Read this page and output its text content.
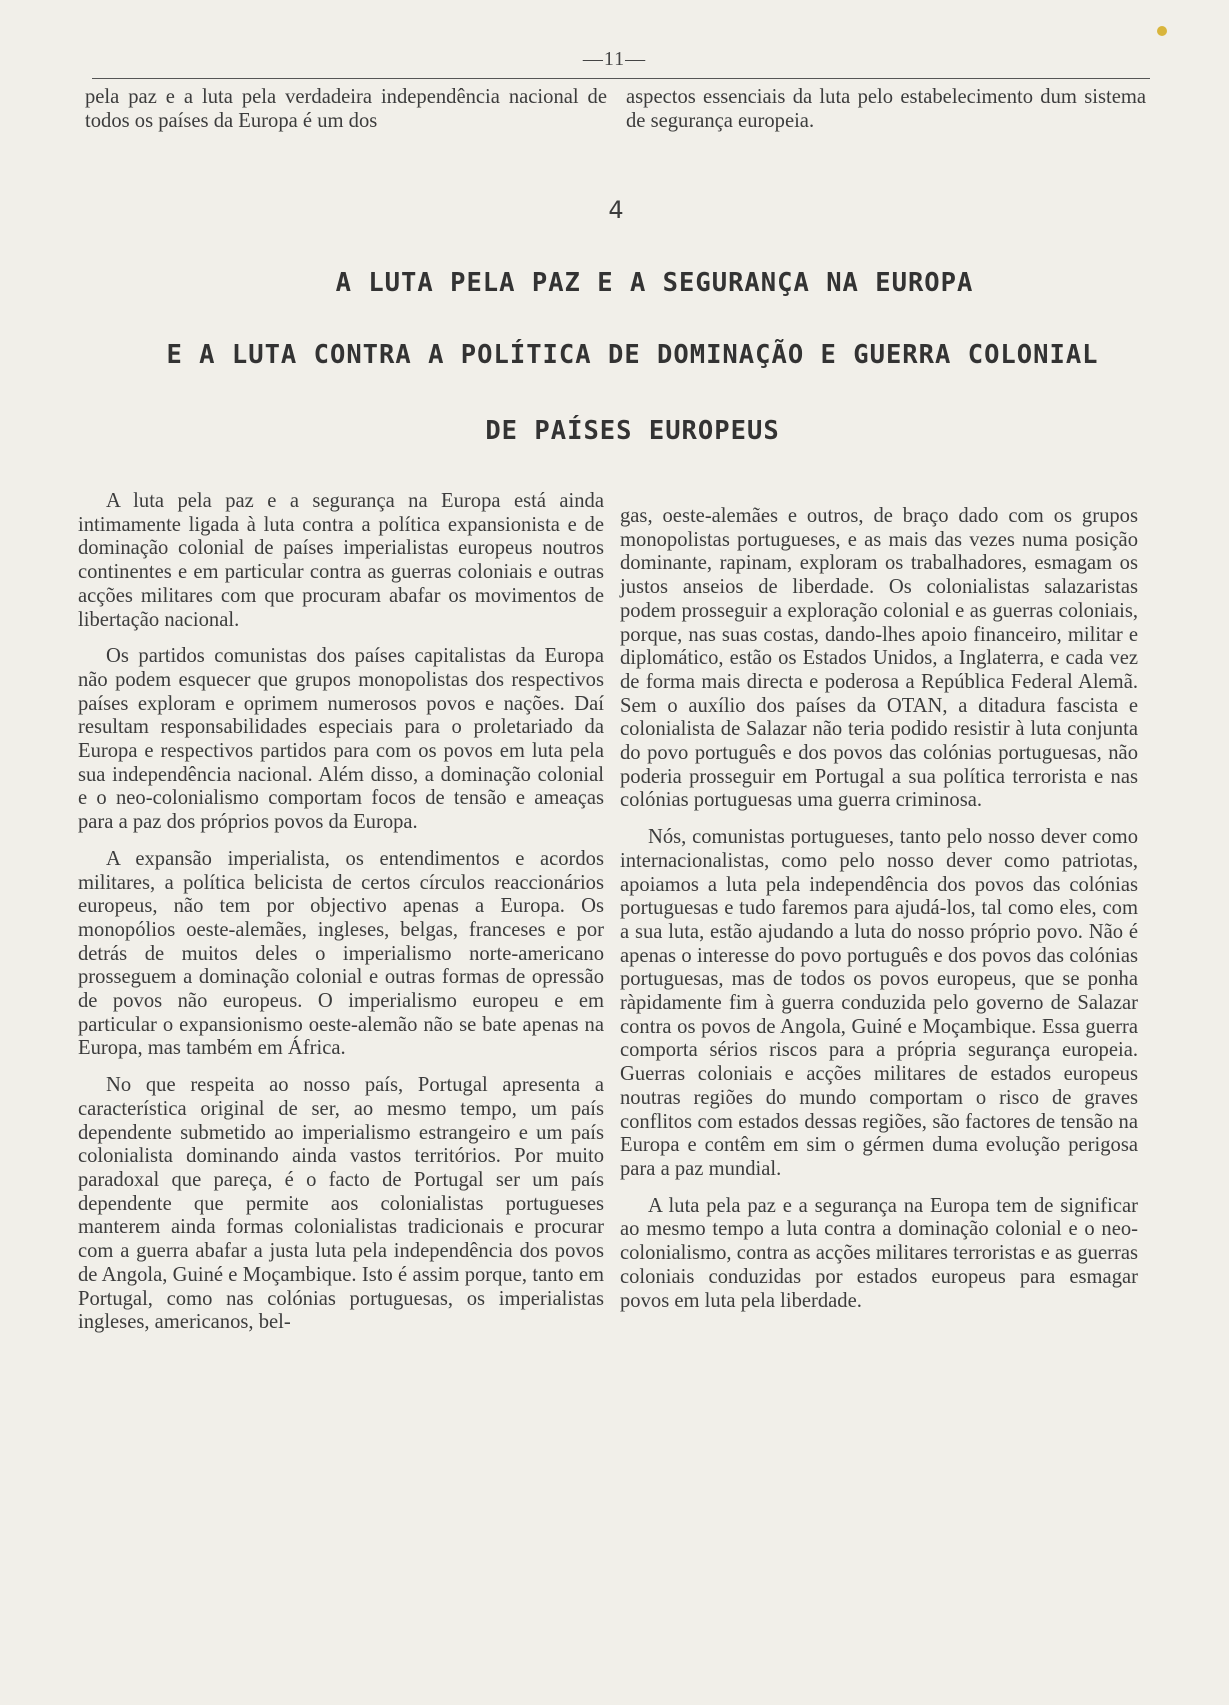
—11—
pela paz e a luta pela verdadeira independência nacional de todos os países da Europa é um dos
aspectos essenciais da luta pelo estabelecimento dum sistema de segurança europeia.
4
A LUTA PELA PAZ E A SEGURANÇA NA EUROPA
E A LUTA CONTRA A POLÍTICA DE DOMINAÇÃO E GUERRA COLONIAL
DE PAÍSES EUROPEUS

A luta pela paz e a segurança na Europa está ainda intimamente ligada à luta contra a política expansionista e de dominação colonial de países imperialistas europeus noutros continentes e em particular contra as guerras coloniais e outras acções militares com que procuram abafar os movimentos de libertação nacional.

Os partidos comunistas dos países capitalistas da Europa não podem esquecer que grupos monopolistas dos respectivos países exploram e oprimem numerosos povos e nações. Daí resultam responsabilidades especiais para o proletariado da Europa e respectivos partidos para com os povos em luta pela sua independência nacional. Além disso, a dominação colonial e o neo-colonialismo comportam focos de tensão e ameaças para a paz dos próprios povos da Europa.

A expansão imperialista, os entendimentos e acordos militares, a política belicista de certos círculos reaccionários europeus, não tem por objectivo apenas a Europa. Os monopólios oeste-alemães, ingleses, belgas, franceses e por detrás de muitos deles o imperialismo norte-americano prosseguem a dominação colonial e outras formas de opressão de povos não europeus. O imperialismo europeu e em particular o expansionismo oeste-alemão não se bate apenas na Europa, mas também em África.

No que respeita ao nosso país, Portugal apresenta a característica original de ser, ao mesmo tempo, um país dependente submetido ao imperialismo estrangeiro e um país colonialista dominando ainda vastos territórios. Por muito paradoxal que pareça, é o facto de Portugal ser um país dependente que permite aos colonialistas portugueses manterem ainda formas colonialistas tradicionais e procurar com a guerra abafar a justa luta pela independência dos povos de Angola, Guiné e Moçambique. Isto é assim porque, tanto em Portugal, como nas colónias portuguesas, os imperialistas ingleses, americanos, bel-

gas, oeste-alemães e outros, de braço dado com os grupos monopolistas portugueses, e as mais das vezes numa posição dominante, rapinam, exploram os trabalhadores, esmagam os justos anseios de liberdade. Os colonialistas salazaristas podem prosseguir a exploração colonial e as guerras coloniais, porque, nas suas costas, dando-lhes apoio financeiro, militar e diplomático, estão os Estados Unidos, a Inglaterra, e cada vez de forma mais directa e poderosa a República Federal Alemã. Sem o auxílio dos países da OTAN, a ditadura fascista e colonialista de Salazar não teria podido resistir à luta conjunta do povo português e dos povos das colónias portuguesas, não poderia prosseguir em Portugal a sua política terrorista e nas colónias portuguesas uma guerra criminosa.

Nós, comunistas portugueses, tanto pelo nosso dever como internacionalistas, como pelo nosso dever como patriotas, apoiamos a luta pela independência dos povos das colónias portuguesas e tudo faremos para ajudá-los, tal como eles, com a sua luta, estão ajudando a luta do nosso próprio povo. Não é apenas o interesse do povo português e dos povos das colónias portuguesas, mas de todos os povos europeus, que se ponha ràpidamente fim à guerra conduzida pelo governo de Salazar contra os povos de Angola, Guiné e Moçambique. Essa guerra comporta sérios riscos para a própria segurança europeia. Guerras coloniais e acções militares de estados europeus noutras regiões do mundo comportam o risco de graves conflitos com estados dessas regiões, são factores de tensão na Europa e contêm em sim o gérmen duma evolução perigosa para a paz mundial.

A luta pela paz e a segurança na Europa tem de significar ao mesmo tempo a luta contra a dominação colonial e o neo-colonialismo, contra as acções militares terroristas e as guerras coloniais conduzidas por estados europeus para esmagar povos em luta pela liberdade.
